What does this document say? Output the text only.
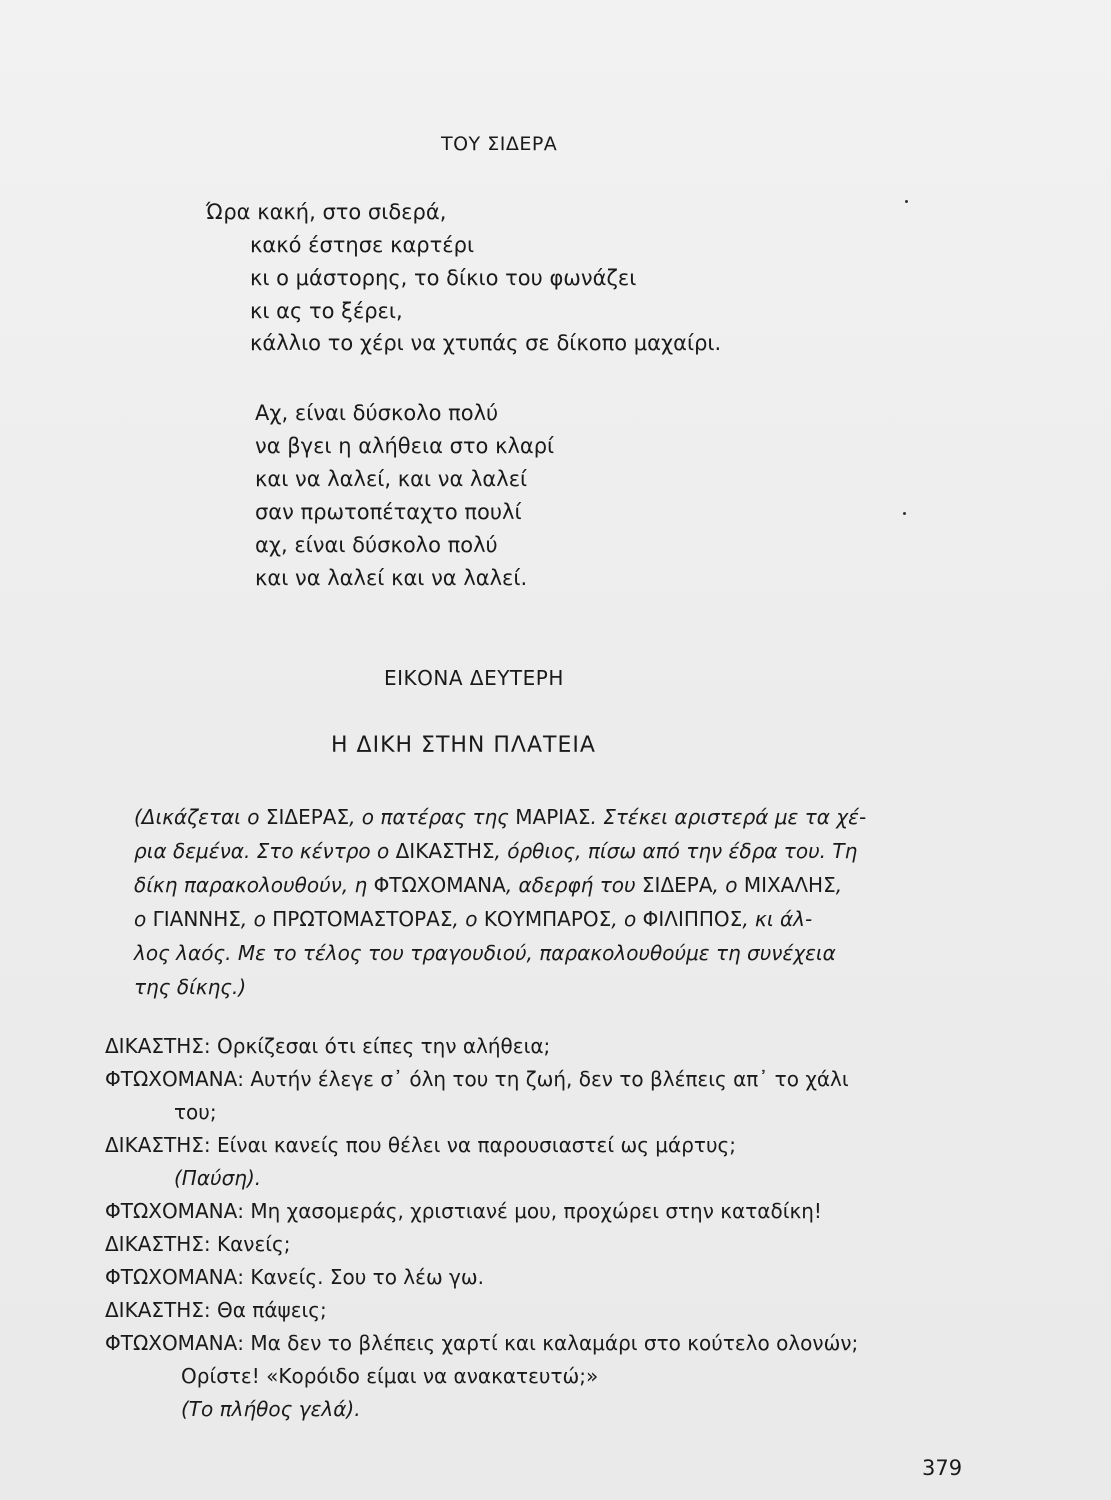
ΤΟΥ ΣΙΔΕΡΑ
Ώρα κακή, στο σιδερά,
κακό έστησε καρτέρι
κι ο μάστορης, το δίκιο του φωνάζει
κι ας το ξέρει,
κάλλιο το χέρι να χτυπάς σε δίκοπο μαχαίρι.
Αχ, είναι δύσκολο πολύ
να βγει η αλήθεια στο κλαρί
και να λαλεί, και να λαλεί
σαν πρωτοπέταχτο πουλί
αχ, είναι δύσκολο πολύ
και να λαλεί και να λαλεί.
ΕΙΚΟΝΑ ΔΕΥΤΕΡΗ
Η ΔΙΚΗ ΣΤΗΝ ΠΛΑΤΕΙΑ
(Δικάζεται ο ΣΙΔΕΡΑΣ, ο πατέρας της ΜΑΡΙΑΣ. Στέκει αριστερά με τα χέ-
ρια δεμένα. Στο κέντρο ο ΔΙΚΑΣΤΗΣ, όρθιος, πίσω από την έδρα του. Τη
δίκη παρακολουθούν, η ΦΤΩΧΟΜΑΝΑ, αδερφή του ΣΙΔΕΡΑ, ο ΜΙΧΑΛΗΣ,
ο ΓΙΑΝΝΗΣ, ο ΠΡΩΤΟΜΑΣΤΟΡΑΣ, ο ΚΟΥΜΠΑΡΟΣ, ο ΦΙΛΙΠΠΟΣ, κι άλ-
λος λαός. Με το τέλος του τραγουδιού, παρακολουθούμε τη συνέχεια
της δίκης.)
ΔΙΚΑΣΤΗΣ: Ορκίζεσαι ότι είπες την αλήθεια;
ΦΤΩΧΟΜΑΝΑ: Αυτήν έλεγε σ᾽ όλη του τη ζωή, δεν το βλέπεις απ᾽ το χάλι
του;
ΔΙΚΑΣΤΗΣ: Είναι κανείς που θέλει να παρουσιαστεί ως μάρτυς;
(Παύση).
ΦΤΩΧΟΜΑΝΑ: Μη χασομεράς, χριστιανέ μου, προχώρει στην καταδίκη!
ΔΙΚΑΣΤΗΣ: Κανείς;
ΦΤΩΧΟΜΑΝΑ: Κανείς. Σου το λέω γω.
ΔΙΚΑΣΤΗΣ: Θα πάψεις;
ΦΤΩΧΟΜΑΝΑ: Μα δεν το βλέπεις χαρτί και καλαμάρι στο κούτελο ολονών;
Ορίστε! «Κορόιδο είμαι να ανακατευτώ;»
(Το πλήθος γελά).
379
